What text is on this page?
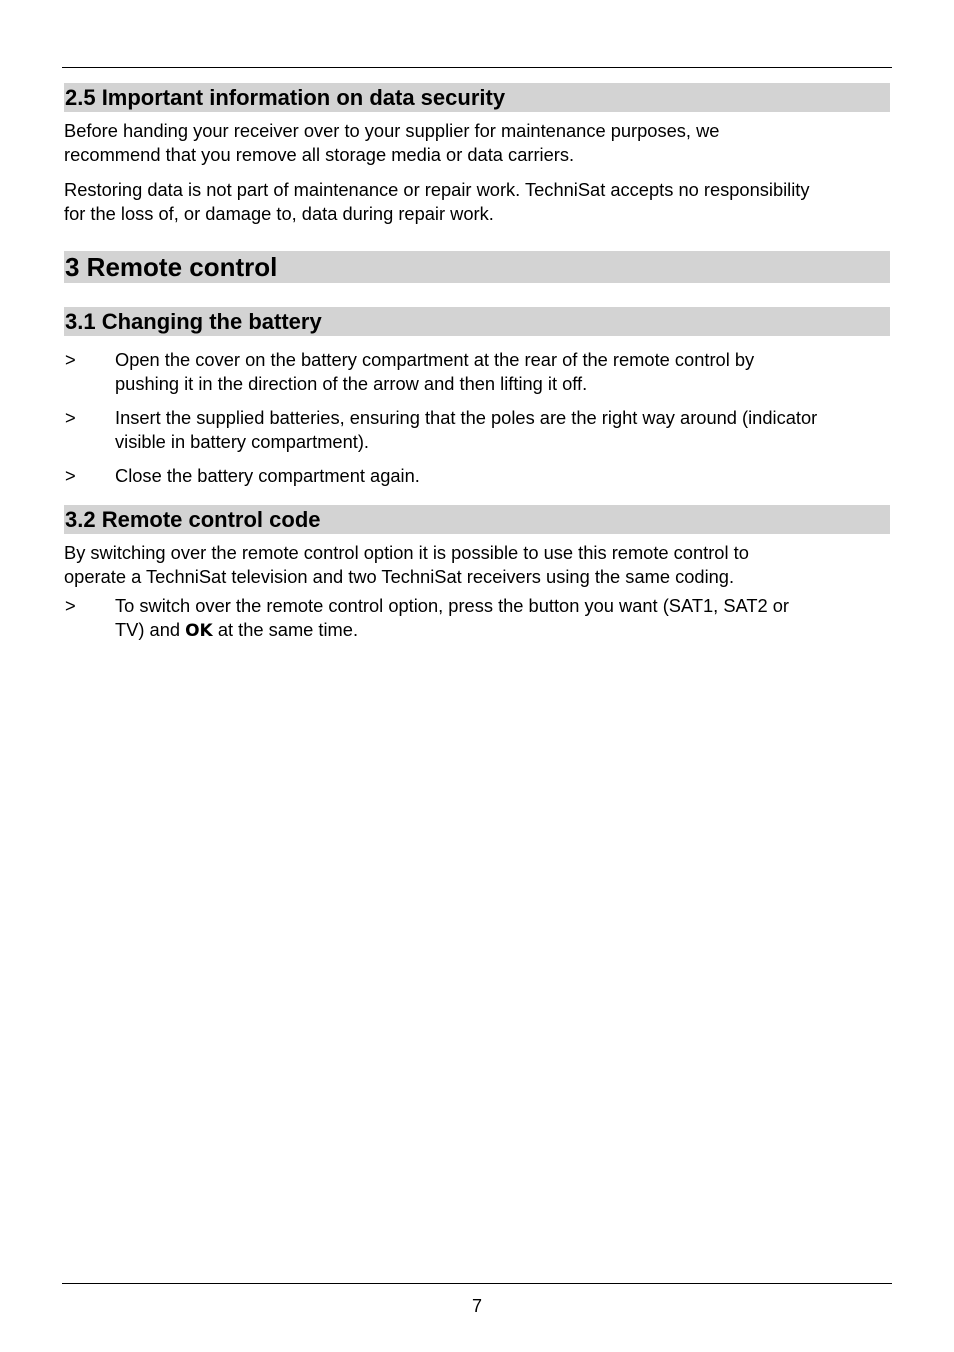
2.5 Important information on data security

Before handing your receiver over to your supplier for maintenance purposes, we
recommend that you remove all storage media or data carriers.

Restoring data is not part of maintenance or repair work. TechniSat accepts no responsibility
for the loss of, or damage to, data during repair work.

3 Remote control
3.1 Changing the battery
> Open the cover on the battery compartment at the rear of the remote control by
pushing it in the direction of the arrow and then lifting it off.
> Insert the supplied batteries, ensuring that the poles are the right way around (indicator
visible in battery compartment).
> Close the battery compartment again.
3.2 Remote control code

By switching over the remote control option it is possible to use this remote control to
operate a TechniSat television and two TechniSat receivers using the same coding.

> To switch over the remote control option, press the button you want (SAT1, SAT2 or
TV) and OK at the same time.
7
